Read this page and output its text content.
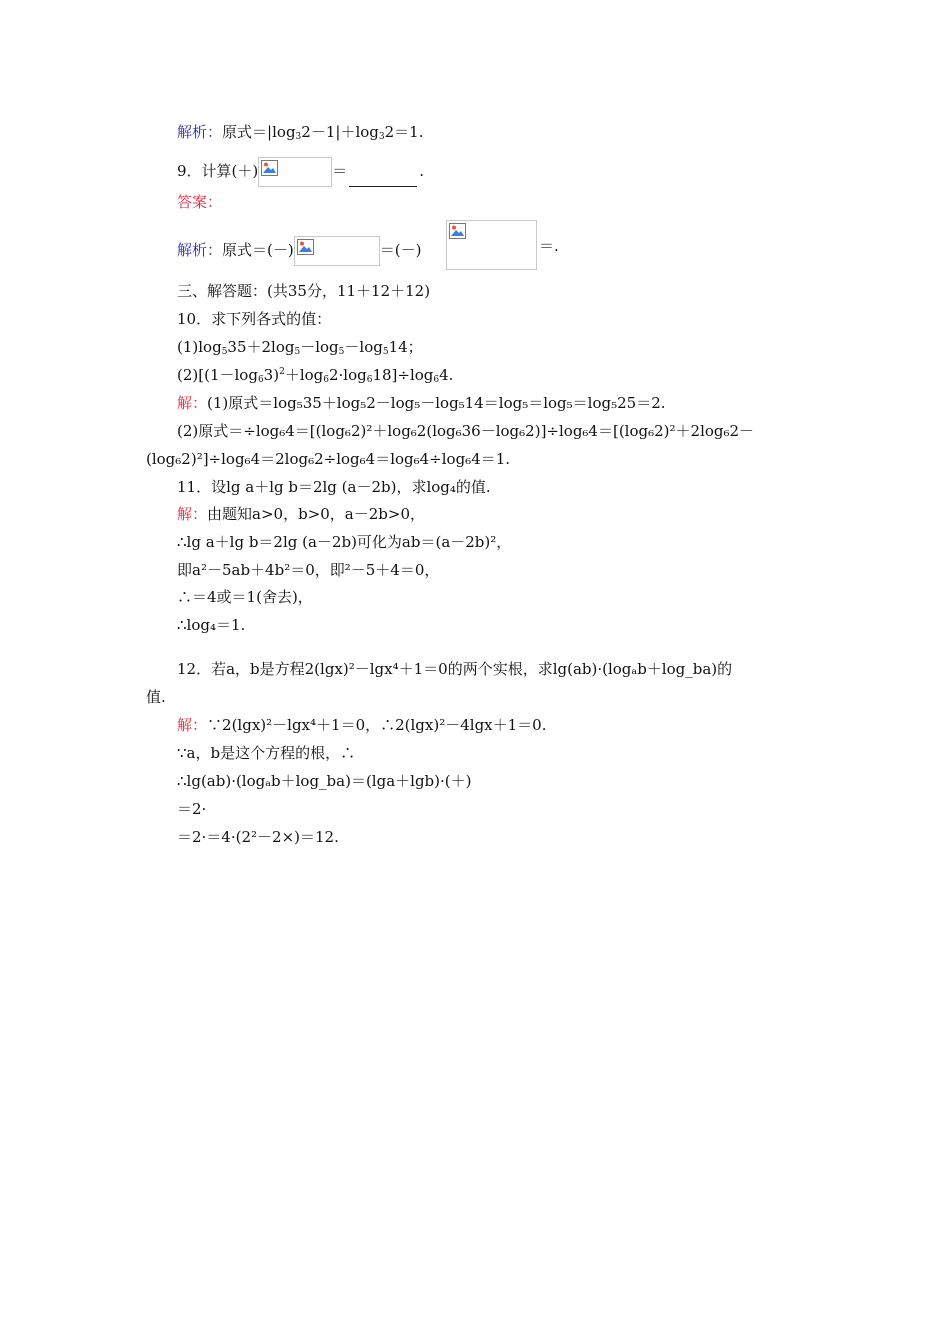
解析：原式$=|\log_32-1|+\log_32=1$.
9．计算(＋)	＝	.
答案：
解析：原式＝(－)	＝(－)	＝.
三、解答题：(共35分，11＋12＋12)
10．求下列各式的值：
$(1)\log_535+2\log_5-\log_5-\log_514$；
$(2)[(1-\log_63)^2+\log_62\cdot\log_618]\div\log_64$.
解：(1)原式＝log₅35＋log₅2－log₅－log₅14＝log₅＝log₅＝log₅25＝2.
(2)原式＝÷log₆4＝[(log₆2)²＋log₆2(log₆36－log₆2)]÷log₆4＝[(log₆2)²＋2log₆2－
(log₆2)²]÷log₆4＝2log₆2÷log₆4＝log₆4÷log₆4＝1.
11．设lg a＋lg b＝2lg (a－2b)，求log₄的值.
解：由题知a>0，b>0，a－2b>0，
∴lg a＋lg b＝2lg (a－2b)可化为ab＝(a－2b)²，
即a²－5ab＋4b²＝0，即²－5＋4＝0，
∴＝4或＝1(舍去)，
∴log₄＝1.
12．若a，b是方程2(lgx)²－lgx⁴＋1＝0的两个实根，求lg(ab)·(logₐb＋log_ba)的
值.
解：∵2(lgx)²－lgx⁴＋1＝0，∴2(lgx)²－4lgx＋1＝0.
∵a，b是这个方程的根，∴
∴lg(ab)·(logₐb＋log_ba)＝(lga＋lgb)·(＋)
＝2·
＝2·＝4·(2²－2×)＝12.
